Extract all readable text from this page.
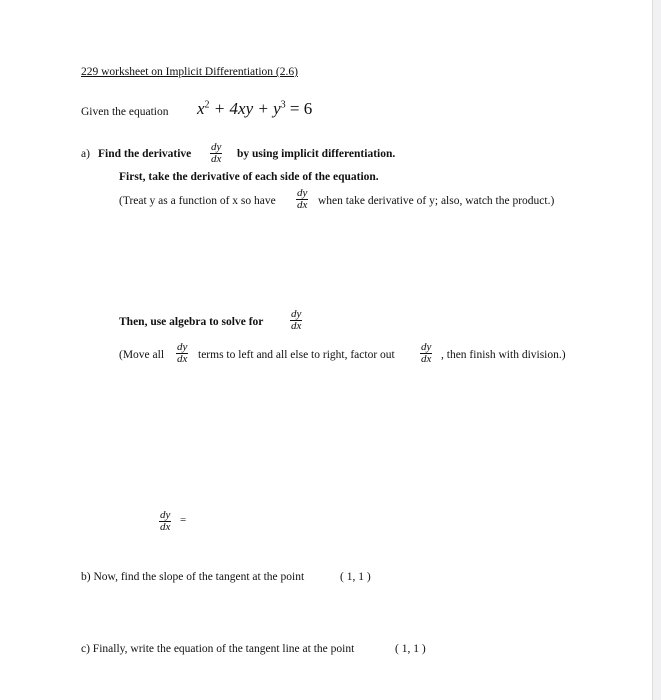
229 worksheet on Implicit Differentiation (2.6)
Given the equation $x^2 + 4xy + y^3 = 6$
a) Find the derivative $\frac{dy}{dx}$ by using implicit differentiation.
First, take the derivative of each side of the equation.
(Treat y as a function of x so have $\frac{dy}{dx}$ when take derivative of y; also, watch the product.)
Then, use algebra to solve for $\frac{dy}{dx}$
(Move all $\frac{dy}{dx}$ terms to left and all else to right, factor out $\frac{dy}{dx}$ , then finish with division.)
$\frac{dy}{dx}$ =
b) Now, find the slope of the tangent at the point	( 1, 1 )
c) Finally, write the equation of the tangent line at the point	( 1, 1 )
